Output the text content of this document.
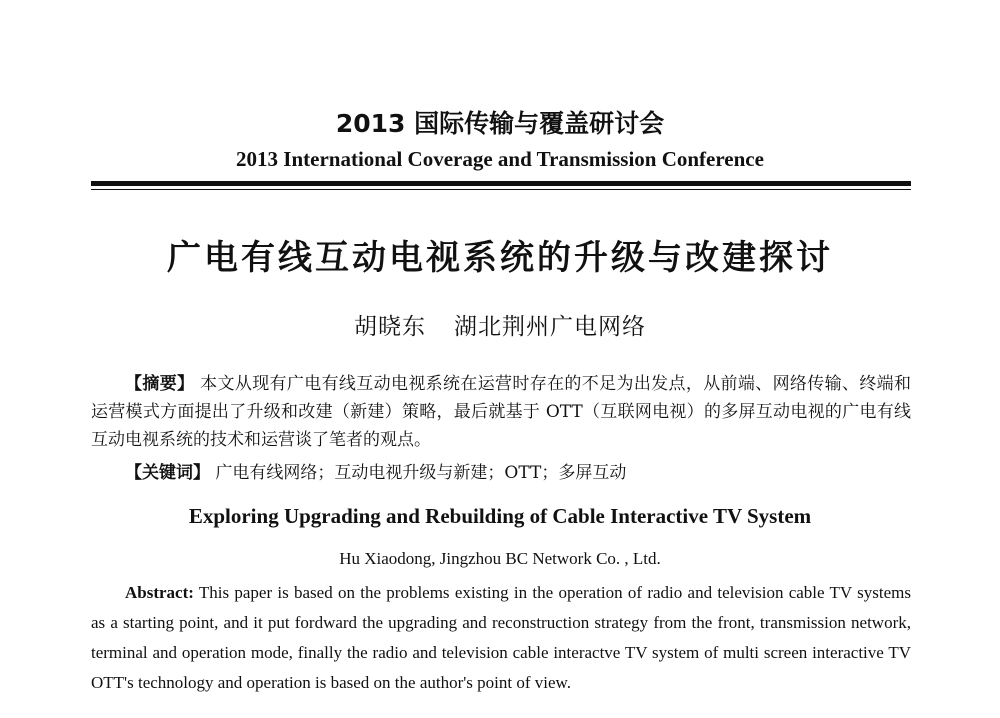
2013 国际传输与覆盖研讨会
2013 International Coverage and Transmission Conference
广电有线互动电视系统的升级与改建探讨
胡晓东 湖北荆州广电网络
【摘要】 本文从现有广电有线互动电视系统在运营时存在的不足为出发点，从前端、网络传输、终端和运营模式方面提出了升级和改建（新建）策略，最后就基于 OTT（互联网电视）的多屏互动电视的广电有线互动电视系统的技术和运营谈了笔者的观点。
【关键词】 广电有线网络；互动电视升级与新建；OTT；多屏互动
Exploring Upgrading and Rebuilding of Cable Interactive TV System
Hu Xiaodong, Jingzhou BC Network Co. , Ltd.
Abstract: This paper is based on the problems existing in the operation of radio and television cable TV systems as a starting point, and it put fordward the upgrading and reconstruction strategy from the front, transmission network, terminal and operation mode, finally the radio and television cable interactve TV system of multi screen interactive TV OTT's technology and operation is based on the author's point of view.
